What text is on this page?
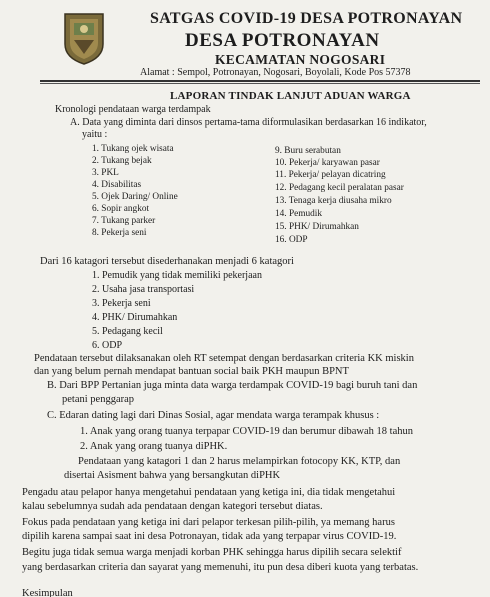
SATGAS COVID-19 DESA POTRONAYAN
DESA POTRONAYAN
KECAMATAN NOGOSARI
Alamat : Sempol, Potronayan, Nogosari, Boyolali, Kode Pos 57378
LAPORAN TINDAK LANJUT ADUAN WARGA
Kronologi pendataan warga terdampak
A. Data yang diminta dari dinsos pertama-tama diformulasikan berdasarkan 16 indikator,
yaitu :
1. Tukang ojek wisata
2. Tukang bejak
3. PKL
4. Disabilitas
5. Ojek Daring/ Online
6. Sopir angkot
7. Tukang parker
8. Pekerja seni
9. Buru serabutan
10. Pekerja/ karyawan pasar
11. Pekerja/ pelayan dicatring
12. Pedagang kecil peralatan pasar
13. Tenaga kerja diusaha mikro
14. Pemudik
15. PHK/ Dirumahkan
16. ODP
Dari 16 katagori tersebut disederhanakan menjadi 6 katagori
1. Pemudik yang tidak memiliki pekerjaan
2. Usaha jasa transportasi
3. Pekerja seni
4. PHK/ Dirumahkan
5. Pedagang kecil
6. ODP
Pendataan tersebut dilaksanakan oleh RT setempat dengan berdasarkan criteria KK miskin
dan yang belum pernah mendapat bantuan social baik PKH maupun BPNT
B. Dari BPP Pertanian juga minta data warga terdampak COVID-19 bagi buruh tani dan
petani penggarap
C. Edaran dating lagi dari Dinas Sosial, agar mendata warga terampak khusus :
1. Anak yang orang tuanya terpapar COVID-19 dan berumur dibawah 18 tahun
2. Anak yang orang tuanya diPHK.
Pendataan yang katagori 1 dan 2 harus melampirkan fotocopy KK, KTP, dan
disertai Asisment bahwa yang bersangkutan diPHK
Pengadu atau pelapor hanya mengetahui pendataan yang ketiga ini, dia tidak mengetahui
kalau sebelumnya sudah ada pendataan dengan kategori tersebut diatas.
Fokus pada pendataan yang ketiga ini dari pelapor terkesan pilih-pilih, ya memang harus
dipilih karena sampai saat ini desa Potronayan, tidak ada yang terpapar virus COVID-19.
Begitu juga tidak semua warga menjadi korban PHK sehingga harus dipilih secara selektif
yang berdasarkan criteria dan sayarat yang memenuhi, itu pun desa diberi kuota yang terbatas.
Kesimpulan
